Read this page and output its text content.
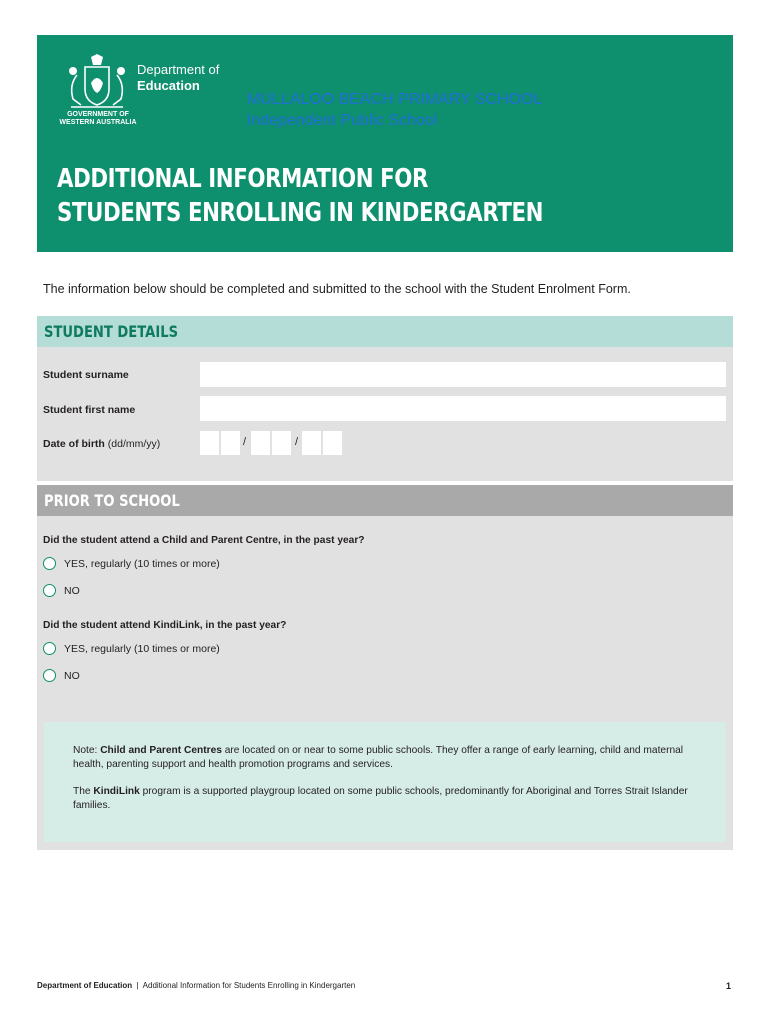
GOVERNMENT OF
WESTERN AUSTRALIA
Department of
Education
MULLALOO BEACH PRIMARY SCHOOL
Independent Public School
ADDITIONAL INFORMATION FOR
STUDENTS ENROLLING IN KINDERGARTEN
The information below should be completed and submitted to the school with the Student Enrolment Form.
STUDENT DETAILS
Student surname
Student first name
Date of birth (dd/mm/yy)	/	/
PRIOR TO SCHOOL
Did the student attend a Child and Parent Centre, in the past year?
YES, regularly (10 times or more)
NO
Did the student attend KindiLink, in the past year?
YES, regularly (10 times or more)
NO

Note: Child and Parent Centres are located on or near to some public schools. They offer a range of early learning, child and maternal health, parenting support and health promotion programs and services.

The KindiLink program is a supported playgroup located on some public schools, predominantly for Aboriginal and Torres Strait Islander families.

Department of Education | Additional Information for Students Enrolling in Kindergarten	1
